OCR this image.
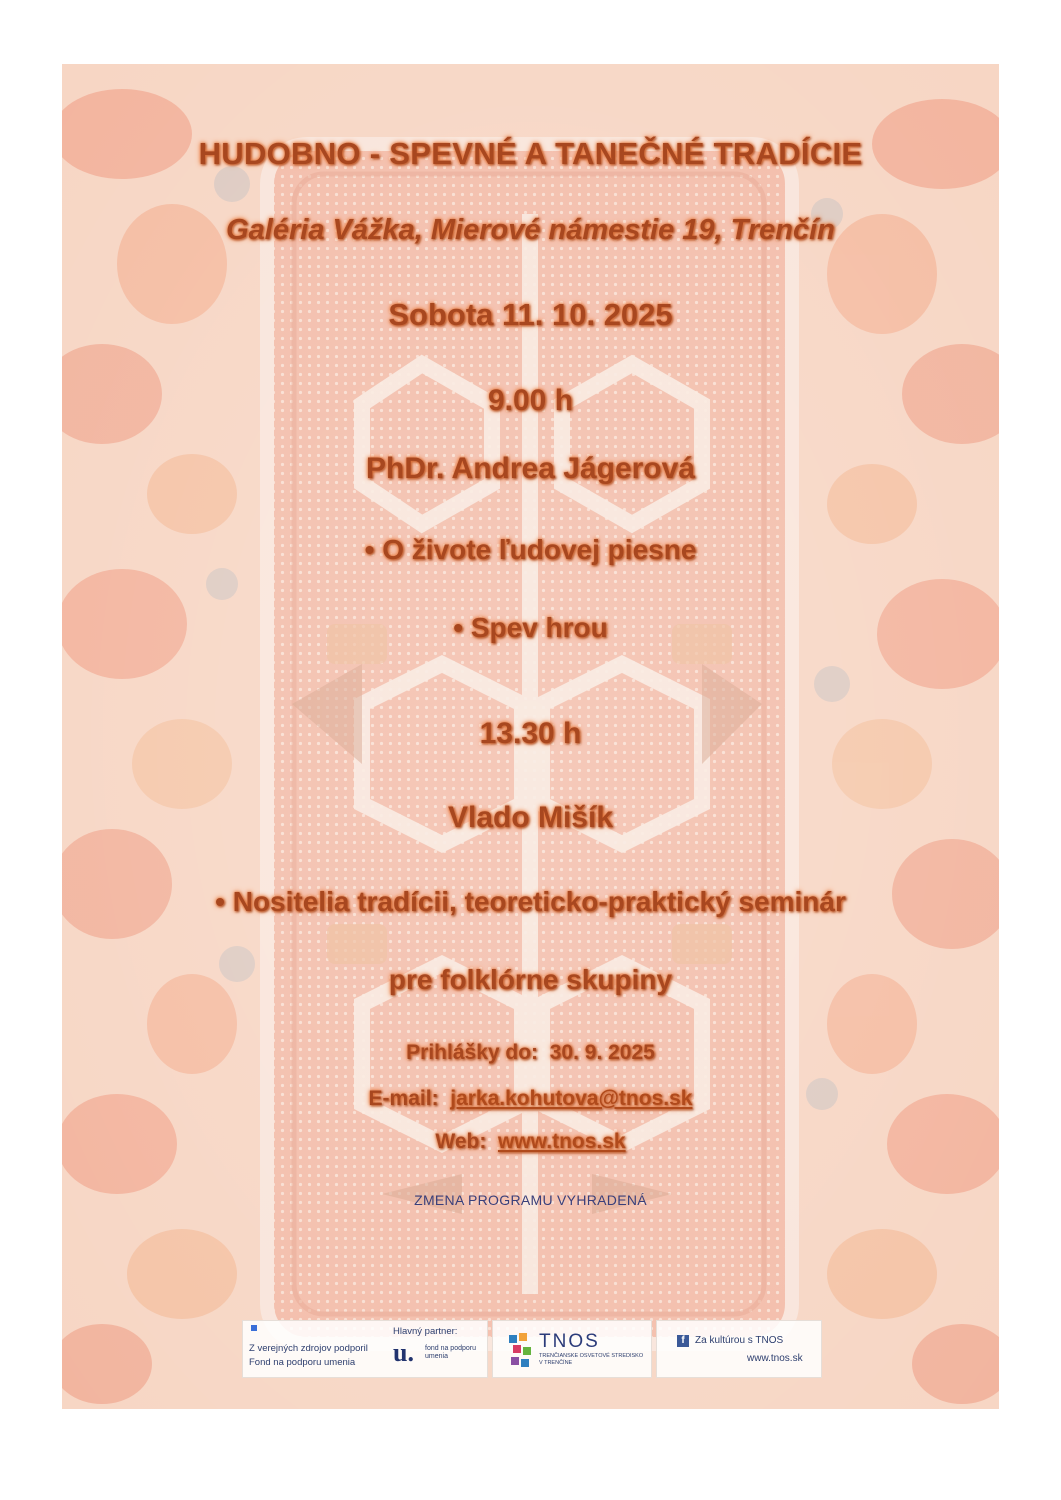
HUDOBNO - SPEVNÉ A TANEČNÉ TRADÍCIE
Galéria Vážka, Mierové námestie 19, Trenčín
Sobota 11. 10. 2025
9.00 h
PhDr. Andrea Jágerová
• O živote ľudovej piesne
• Spev hrou
13.30 h
Vlado Mišík
• Nositelia tradícii, teoreticko-praktický seminár
pre folklórne skupiny
Prihlášky do: 30. 9. 2025
E-mail: jarka.kohutova@tnos.sk
Web: www.tnos.sk
ZMENA PROGRAMU VYHRADENÁ
Z verejných zdrojov podporil
Fond na podporu umenia
Hlavný partner:
u. fond na podporu umenia
TNOS
TRENČIANSKE OSVETOVÉ STREDISKO V TRENČÍNE
f	Za kultúrou s TNOS
www.tnos.sk
